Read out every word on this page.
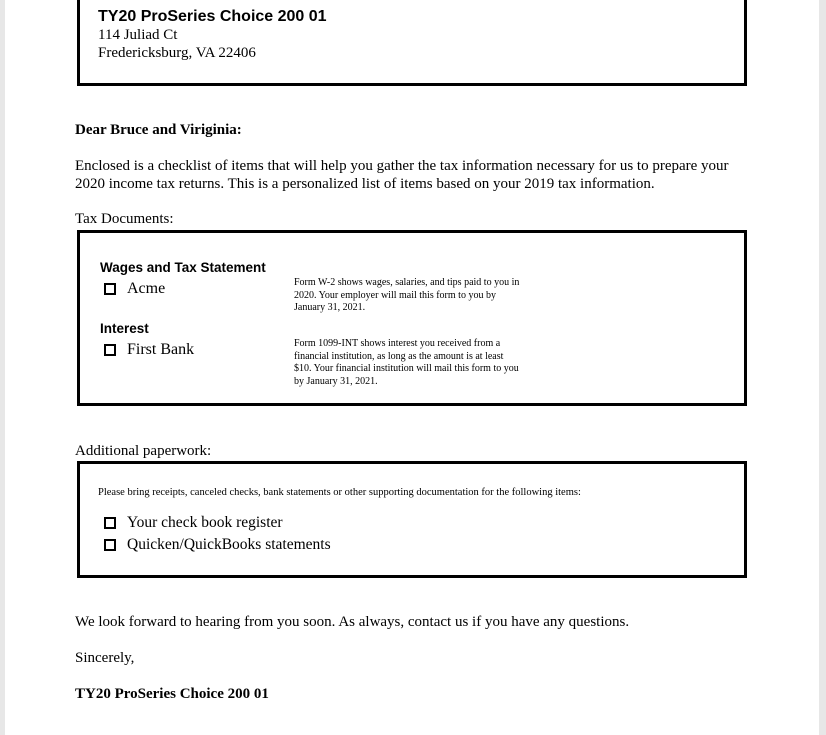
TY20 ProSeries Choice 200 01
114 Juliad Ct
Fredericksburg, VA 22406
Dear Bruce and Viriginia:
Enclosed is a checklist of items that will help you gather the tax information necessary for us to prepare your 2020 income tax returns. This is a personalized list of items based on your 2019 tax information.
Tax Documents:
Wages and Tax Statement
Acme	Form W-2 shows wages, salaries, and tips paid to you in 2020. Your employer will mail this form to you by January 31, 2021.
Interest
First Bank	Form 1099-INT shows interest you received from a financial institution, as long as the amount is at least $10. Your financial institution will mail this form to you by January 31, 2021.
Additional paperwork:
Please bring receipts, canceled checks, bank statements or other supporting documentation for the following items:
Your check book register
Quicken/QuickBooks statements
We look forward to hearing from you soon. As always, contact us if you have any questions.
Sincerely,
TY20 ProSeries Choice 200 01
